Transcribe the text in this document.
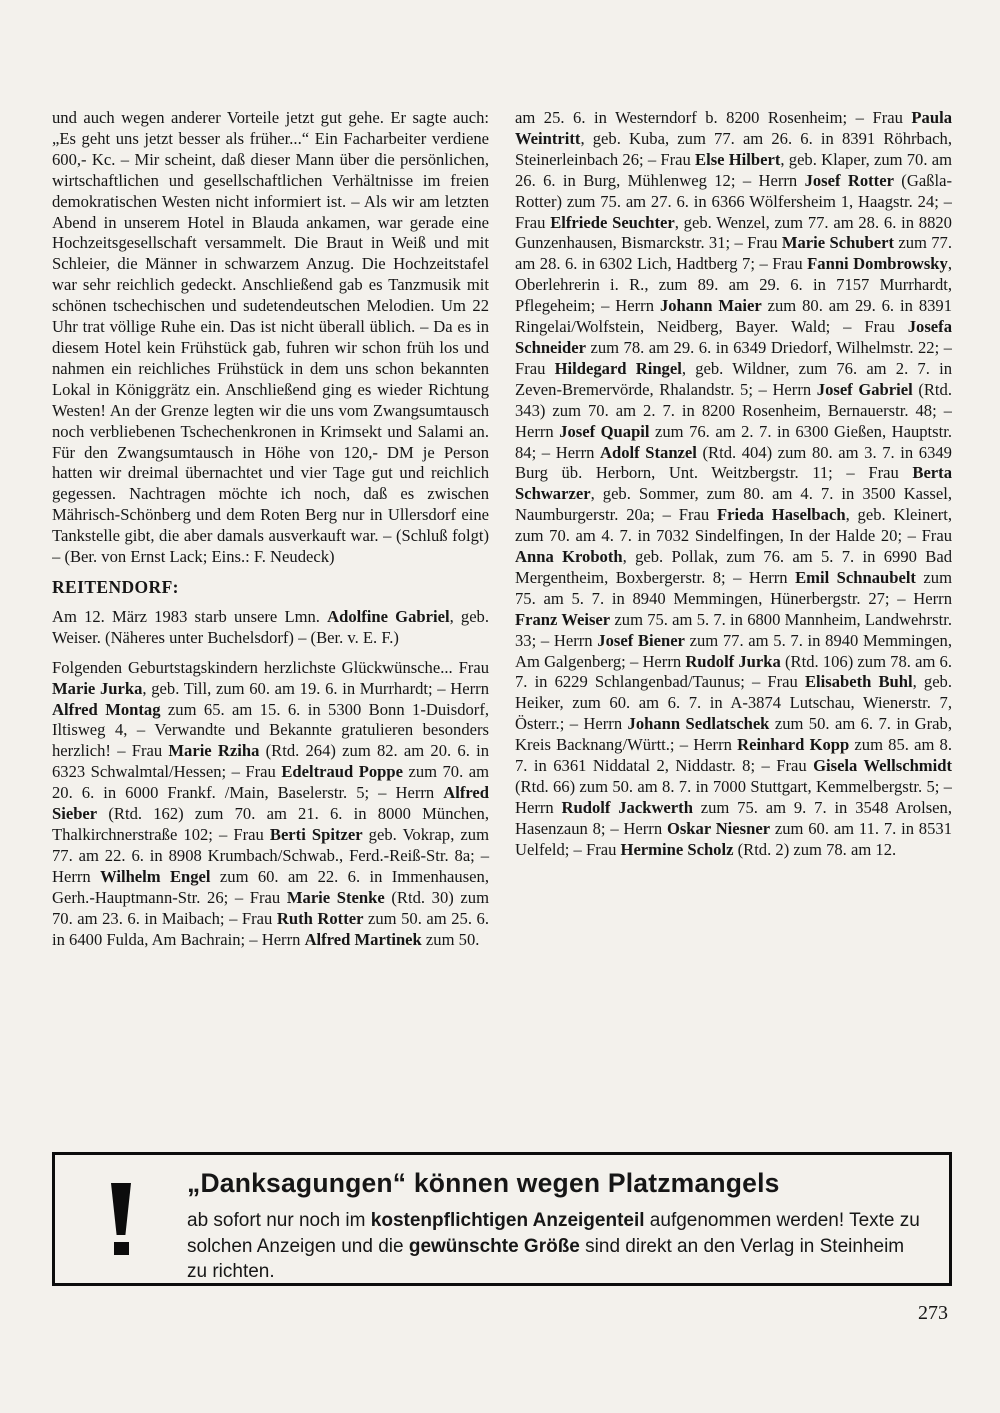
und auch wegen anderer Vorteile jetzt gut gehe. Er sagte auch: „Es geht uns jetzt besser als früher...“ Ein Facharbeiter verdiene 600,- Kc. – Mir scheint, daß dieser Mann über die persönlichen, wirtschaftlichen und gesellschaftlichen Verhältnisse im freien demokratischen Westen nicht informiert ist. – Als wir am letzten Abend in unserem Hotel in Blauda ankamen, war gerade eine Hochzeitsgesellschaft versammelt. Die Braut in Weiß und mit Schleier, die Männer in schwarzem Anzug. Die Hochzeitstafel war sehr reichlich gedeckt. Anschließend gab es Tanzmusik mit schönen tschechischen und sudetendeutschen Melodien. Um 22 Uhr trat völlige Ruhe ein. Das ist nicht überall üblich. – Da es in diesem Hotel kein Frühstück gab, fuhren wir schon früh los und nahmen ein reichliches Frühstück in dem uns schon bekannten Lokal in Königgrätz ein. Anschließend ging es wieder Richtung Westen! An der Grenze legten wir die uns vom Zwangsumtausch noch verbliebenen Tschechenkronen in Krimsekt und Salami an. Für den Zwangsumtausch in Höhe von 120,- DM je Person hatten wir dreimal übernachtet und vier Tage gut und reichlich gegessen. Nachtragen möchte ich noch, daß es zwischen Mährisch-Schönberg und dem Roten Berg nur in Ullersdorf eine Tankstelle gibt, die aber damals ausverkauft war. – (Schluß folgt) – (Ber. von Ernst Lack; Eins.: F. Neudeck)

REITENDORF:

Am 12. März 1983 starb unsere Lmn. Adolfine Gabriel, geb. Weiser. (Näheres unter Buchelsdorf) – (Ber. v. E. F.)

Folgenden Geburtstagskindern herzlichste Glückwünsche... Frau Marie Jurka, geb. Till, zum 60. am 19. 6. in Murrhardt; – Herrn Alfred Montag zum 65. am 15. 6. in 5300 Bonn 1-Duisdorf, Iltisweg 4, – Verwandte und Bekannte gratulieren besonders herzlich! – Frau Marie Rziha (Rtd. 264) zum 82. am 20. 6. in 6323 Schwalmtal/Hessen; – Frau Edeltraud Poppe zum 70. am 20. 6. in 6000 Frankf. /Main, Baselerstr. 5; – Herrn Alfred Sieber (Rtd. 162) zum 70. am 21. 6. in 8000 München, Thalkirchnerstraße 102; – Frau Berti Spitzer geb. Vokrap, zum 77. am 22. 6. in 8908 Krumbach/Schwab., Ferd.-Reiß-Str. 8a; – Herrn Wilhelm Engel zum 60. am 22. 6. in Immenhausen, Gerh.-Hauptmann-Str. 26; – Frau Marie Stenke (Rtd. 30) zum 70. am 23. 6. in Maibach; – Frau Ruth Rotter zum 50. am 25. 6. in 6400 Fulda, Am Bachrain; – Herrn Alfred Martinek zum 50.

am 25. 6. in Westerndorf b. 8200 Rosenheim; – Frau Paula Weintritt, geb. Kuba, zum 77. am 26. 6. in 8391 Röhrbach, Steinerleinbach 26; – Frau Else Hilbert, geb. Klaper, zum 70. am 26. 6. in Burg, Mühlenweg 12; – Herrn Josef Rotter (Gaßla-Rotter) zum 75. am 27. 6. in 6366 Wölfersheim 1, Haagstr. 24; – Frau Elfriede Seuchter, geb. Wenzel, zum 77. am 28. 6. in 8820 Gunzenhausen, Bismarckstr. 31; – Frau Marie Schubert zum 77. am 28. 6. in 6302 Lich, Hadtberg 7; – Frau Fanni Dombrowsky, Oberlehrerin i. R., zum 89. am 29. 6. in 7157 Murrhardt, Pflegeheim; – Herrn Johann Maier zum 80. am 29. 6. in 8391 Ringelai/Wolfstein, Neidberg, Bayer. Wald; – Frau Josefa Schneider zum 78. am 29. 6. in 6349 Driedorf, Wilhelmstr. 22; – Frau Hildegard Ringel, geb. Wildner, zum 76. am 2. 7. in Zeven-Bremervörde, Rhalandstr. 5; – Herrn Josef Gabriel (Rtd. 343) zum 70. am 2. 7. in 8200 Rosenheim, Bernauerstr. 48; – Herrn Josef Quapil zum 76. am 2. 7. in 6300 Gießen, Hauptstr. 84; – Herrn Adolf Stanzel (Rtd. 404) zum 80. am 3. 7. in 6349 Burg üb. Herborn, Unt. Weitzbergstr. 11; – Frau Berta Schwarzer, geb. Sommer, zum 80. am 4. 7. in 3500 Kassel, Naumburgerstr. 20a; – Frau Frieda Haselbach, geb. Kleinert, zum 70. am 4. 7. in 7032 Sindelfingen, In der Halde 20; – Frau Anna Kroboth, geb. Pollak, zum 76. am 5. 7. in 6990 Bad Mergentheim, Boxbergerstr. 8; – Herrn Emil Schnaubelt zum 75. am 5. 7. in 8940 Memmingen, Hünerbergstr. 27; – Herrn Franz Weiser zum 75. am 5. 7. in 6800 Mannheim, Landwehrstr. 33; – Herrn Josef Biener zum 77. am 5. 7. in 8940 Memmingen, Am Galgenberg; – Herrn Rudolf Jurka (Rtd. 106) zum 78. am 6. 7. in 6229 Schlangenbad/Taunus; – Frau Elisabeth Buhl, geb. Heiker, zum 60. am 6. 7. in A-3874 Lutschau, Wienerstr. 7, Österr.; – Herrn Johann Sedlatschek zum 50. am 6. 7. in Grab, Kreis Backnang/Württ.; – Herrn Reinhard Kopp zum 85. am 8. 7. in 6361 Niddatal 2, Niddastr. 8; – Frau Gisela Wellschmidt (Rtd. 66) zum 50. am 8. 7. in 7000 Stuttgart, Kemmelbergstr. 5; – Herrn Rudolf Jackwerth zum 75. am 9. 7. in 3548 Arolsen, Hasenzaun 8; – Herrn Oskar Niesner zum 60. am 11. 7. in 8531 Uelfeld; – Frau Hermine Scholz (Rtd. 2) zum 78. am 12.

„Danksagungen“ können wegen Platzmangels
ab sofort nur noch im kostenpflichtigen Anzeigenteil aufgenommen werden! Texte zu solchen Anzeigen und die gewünschte Größe sind direkt an den Verlag in Steinheim zu richten.
273
